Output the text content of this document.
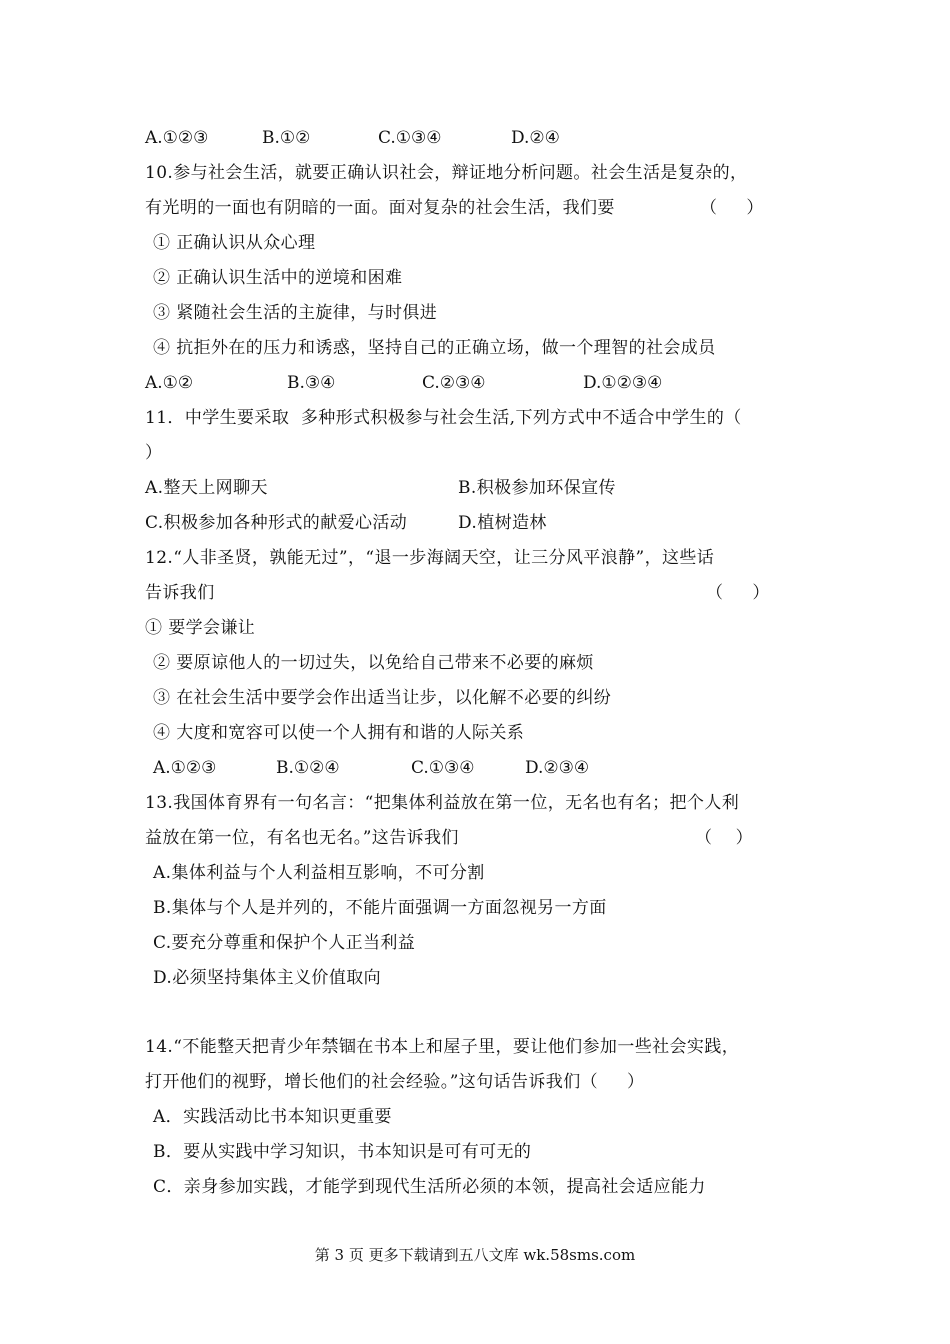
A.①②③	B.①②	C.①③④	D.②④
10.参与社会生活，就要正确认识社会，辩证地分析问题。社会生活是复杂的，
有光明的一面也有阴暗的一面。面对复杂的社会生活，我们要	（     ）
① 正确认识从众心理
② 正确认识生活中的逆境和困难
③ 紧随社会生活的主旋律，与时俱进
④ 抗拒外在的压力和诱惑，坚持自己的正确立场，做一个理智的社会成员
A.①②	B.③④	C.②③④	D.①②③④
11．中学生要采取  多种形式积极参与社会生活,下列方式中不适合中学生的（
）
A.整天上网聊天	B.积极参加环保宣传
C.积极参加各种形式的献爱心活动	D.植树造林
12.“人非圣贤，孰能无过”，“退一步海阔天空，让三分风平浪静”，这些话
告诉我们	（     ）
① 要学会谦让
② 要原谅他人的一切过失，以免给自己带来不必要的麻烦
③ 在社会生活中要学会作出适当让步，以化解不必要的纠纷
④ 大度和宽容可以使一个人拥有和谐的人际关系
A.①②③	B.①②④	C.①③④	D.②③④
13.我国体育界有一句名言：“把集体利益放在第一位，无名也有名；把个人利
益放在第一位，有名也无名。”这告诉我们	（    ）
A.集体利益与个人利益相互影响，不可分割
B.集体与个人是并列的，不能片面强调一方面忽视另一方面
C.要充分尊重和保护个人正当利益
D.必须坚持集体主义价值取向
14.“不能整天把青少年禁锢在书本上和屋子里，要让他们参加一些社会实践，
打开他们的视野，增长他们的社会经验。”这句话告诉我们（     ）
A．实践活动比书本知识更重要
B．要从实践中学习知识，书本知识是可有可无的
C．亲身参加实践，才能学到现代生活所必须的本领，提高社会适应能力
第 3 页 更多下载请到五八文库 wk.58sms.com
